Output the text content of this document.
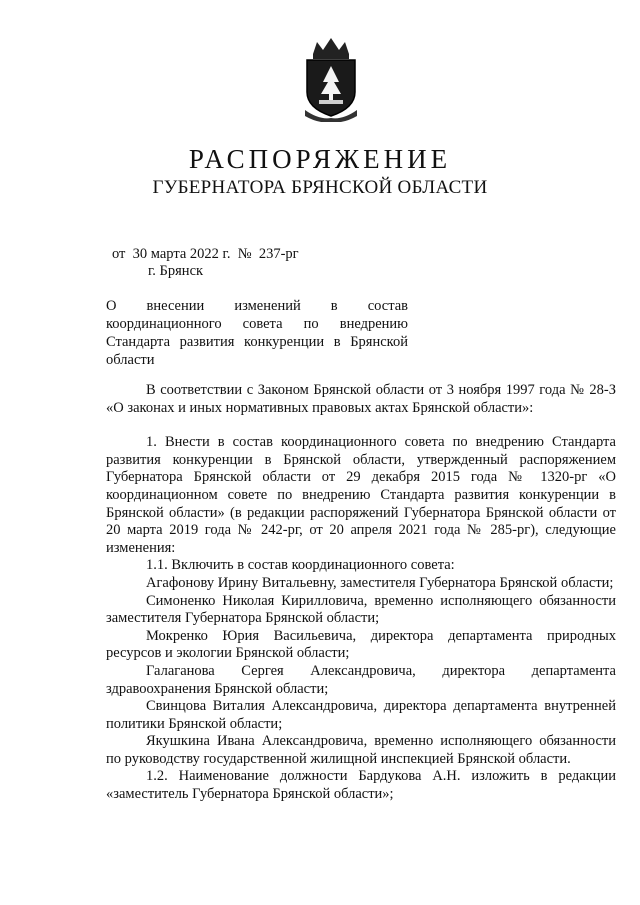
РАСПОРЯЖЕНИЕ
ГУБЕРНАТОРА БРЯНСКОЙ ОБЛАСТИ
от  30 марта 2022 г.  №  237-рг
г. Брянск
О внесении изменений в состав координационного совета по внедрению Стандарта развития конкуренции в Брянской области

В соответствии с Законом Брянской области от 3 ноября 1997 года № 28-З «О законах и иных нормативных правовых актах Брянской области»:

1. Внести в состав координационного совета по внедрению Стандарта развития конкуренции в Брянской области, утвержденный распоряжением Губернатора Брянской области от 29 декабря 2015 года № 1320-рг «О координационном совете по внедрению Стандарта развития конкуренции в Брянской области» (в редакции распоряжений Губернатора Брянской области от 20 марта 2019 года № 242-рг, от 20 апреля 2021 года № 285-рг), следующие изменения:

1.1. Включить в состав координационного совета:

Агафонову Ирину Витальевну, заместителя Губернатора Брянской области;

Симоненко Николая Кирилловича, временно исполняющего обязанности заместителя Губернатора Брянской области;

Мокренко Юрия Васильевича, директора департамента природных ресурсов и экологии Брянской области;

Галаганова Сергея Александровича, директора департамента здравоохранения Брянской области;

Свинцова Виталия Александровича, директора департамента внутренней политики Брянской области;

Якушкина Ивана Александровича, временно исполняющего обязанности по руководству государственной жилищной инспекцией Брянской области.

1.2. Наименование должности Бардукова А.Н. изложить в редакции «заместитель Губернатора Брянской области»;
